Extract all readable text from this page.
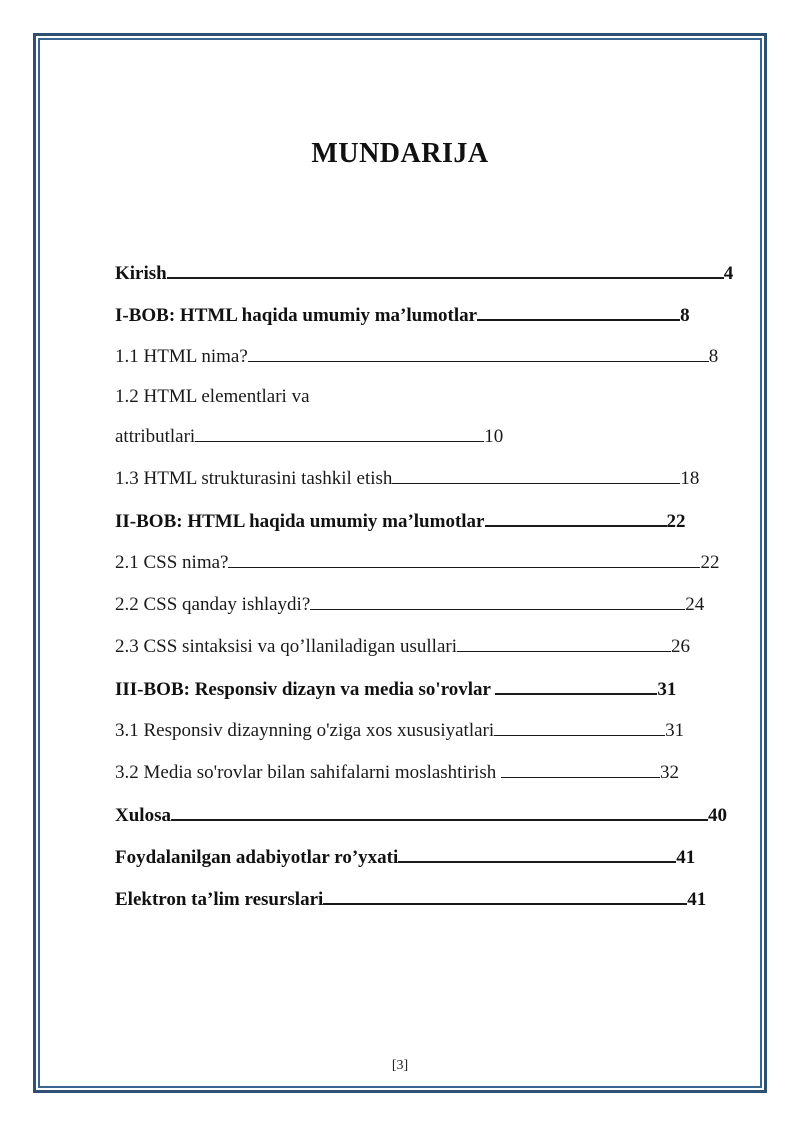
MUNDARIJA
Kirish	4
I-BOB: HTML haqida umumiy ma’lumotlar	8
1.1 HTML nima?	8
1.2 HTML elementlari va
attributlari	10
1.3 HTML strukturasini tashkil etish	18
II-BOB: HTML haqida umumiy ma’lumotlar	22
2.1 CSS nima?	22
2.2 CSS qanday ishlaydi?	24
2.3 CSS sintaksisi va qo’llaniladigan usullari	26
III-BOB: Responsiv dizayn va media so'rovlar	31
3.1 Responsiv dizaynning o'ziga xos xususiyatlari	31
3.2 Media so'rovlar bilan sahifalarni moslashtirish	32
Xulosa	40
Foydalanilgan adabiyotlar ro’yxati	41
Elektron ta’lim resurslari	41
[3]
